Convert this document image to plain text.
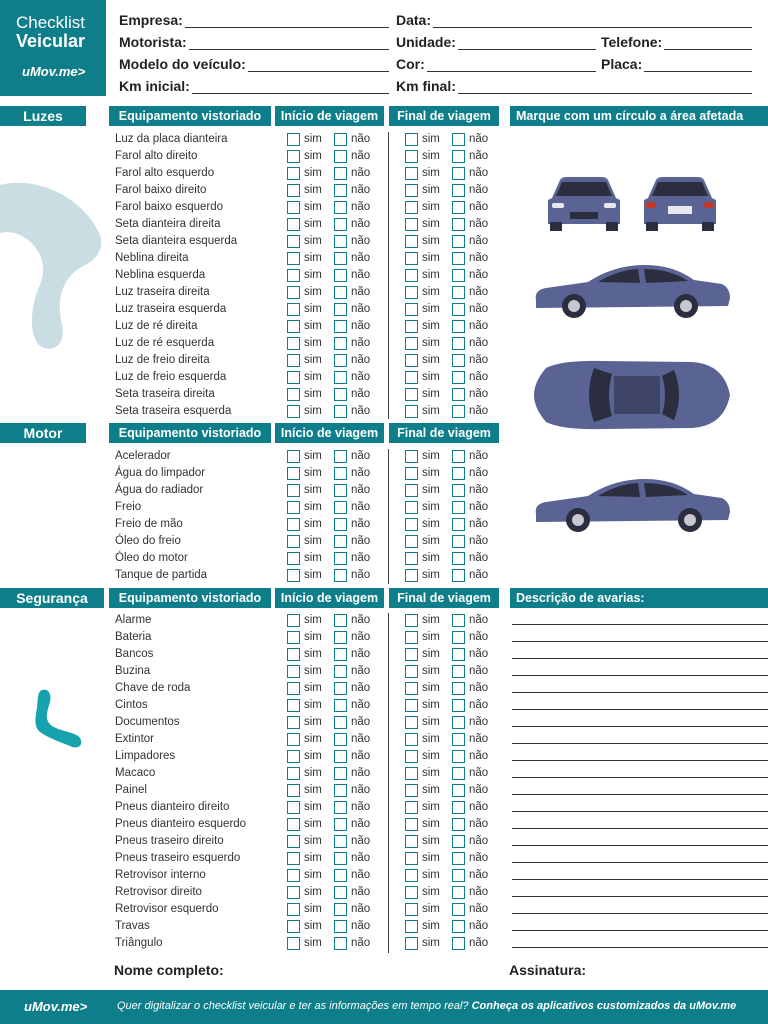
Checklist
Veicular
uMov.me>
Empresa:	Data:
Motorista:	Unidade:	Telefone:
Modelo do veículo:	Cor:	Placa:
Km inicial:	Km final:
Luzes	Equipamento vistoriado	Início de viagem	Final de viagem	Marque com um círculo a área afetada
Motor	Equipamento vistoriado	Início de viagem	Final de viagem
Segurança	Equipamento vistoriado	Início de viagem	Final de viagem	Descrição de avarias:
Luz da placa dianteira	sim	não	sim	não
Farol alto direito	sim	não	sim	não
Farol alto esquerdo	sim	não	sim	não
Farol baixo direito	sim	não	sim	não
Farol baixo esquerdo	sim	não	sim	não
Seta dianteira direita	sim	não	sim	não
Seta dianteira esquerda	sim	não	sim	não
Neblina direita	sim	não	sim	não
Neblina esquerda	sim	não	sim	não
Luz traseira direita	sim	não	sim	não
Luz traseira esquerda	sim	não	sim	não
Luz de ré direita	sim	não	sim	não
Luz de ré esquerda	sim	não	sim	não
Luz de freio direita	sim	não	sim	não
Luz de freio esquerda	sim	não	sim	não
Seta traseira direita	sim	não	sim	não
Seta traseira esquerda	sim	não	sim	não
Acelerador	sim	não	sim	não
Água do limpador	sim	não	sim	não
Água do radiador	sim	não	sim	não
Freio	sim	não	sim	não
Freio de mão	sim	não	sim	não
Óleo do freio	sim	não	sim	não
Óleo do motor	sim	não	sim	não
Tanque de partida	sim	não	sim	não
Alarme	sim	não	sim	não
Bateria	sim	não	sim	não
Bancos	sim	não	sim	não
Buzina	sim	não	sim	não
Chave de roda	sim	não	sim	não
Cintos	sim	não	sim	não
Documentos	sim	não	sim	não
Extintor	sim	não	sim	não
Limpadores	sim	não	sim	não
Macaco	sim	não	sim	não
Painel	sim	não	sim	não
Pneus dianteiro direito	sim	não	sim	não
Pneus dianteiro esquerdo	sim	não	sim	não
Pneus traseiro direito	sim	não	sim	não
Pneus traseiro esquerdo	sim	não	sim	não
Retrovisor interno	sim	não	sim	não
Retrovisor direito	sim	não	sim	não
Retrovisor esquerdo	sim	não	sim	não
Travas	sim	não	sim	não
Triângulo	sim	não	sim	não
Nome completo:	Assinatura:
uMov.me>	Quer digitalizar o checklist veicular e ter as informações em tempo real? Conheça os aplicativos customizados da uMov.me
